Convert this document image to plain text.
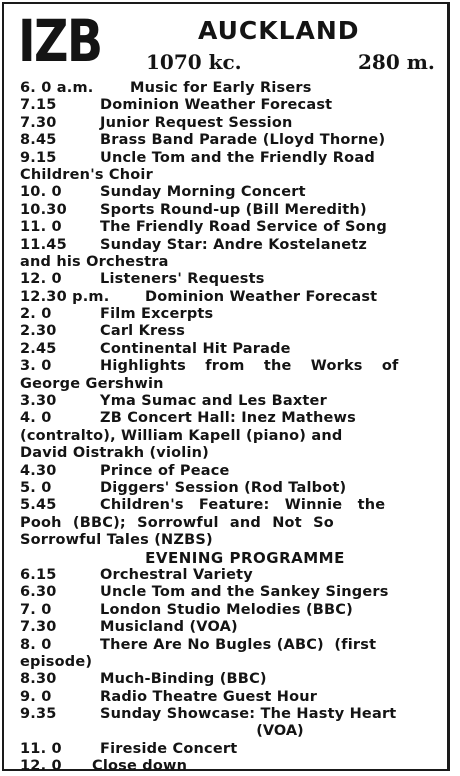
IZB	AUCKLAND
1070 kc.	280 m.
6. 0 a.m.	Music for Early Risers
7.15	Dominion Weather Forecast
7.30	Junior Request Session
8.45	Brass Band Parade (Lloyd Thorne)
9.15	Uncle Tom and the Friendly Road
Children's Choir
10. 0	Sunday Morning Concert
10.30 Sports Round-up (Bill Meredith)
11. 0	The Friendly Road Service of Song
11.45 Sunday Star: Andre Kostelanetz
and his Orchestra
12. 0	Listeners' Requests
12.30 p.m. Dominion Weather Forecast
2. 0	Film Excerpts
2.30	Carl Kress
2.45	Continental Hit Parade
3. 0	Highlights from the Works of
George Gershwin
3.30	Yma Sumac and Les Baxter
4. 0	ZB Concert Hall: Inez Mathews
(contralto), William Kapell (piano) and
David Oistrakh (violin)
4.30	Prince of Peace
5. 0	Diggers' Session (Rod Talbot)
5.45	Children's Feature: Winnie the
Pooh (BBC); Sorrowful and Not So
Sorrowful Tales (NZBS)
EVENING PROGRAMME
6.15	Orchestral Variety
6.30	Uncle Tom and the Sankey Singers
7. 0	London Studio Melodies (BBC)
7.30	Musicland (VOA)
8. 0	There Are No Bugles (ABC)  (first
episode)
8.30	Much-Binding (BBC)
9. 0	Radio Theatre Guest Hour
9.35	Sunday Showcase: The Hasty Heart
(VOA)
11. 0	Fireside Concert
12. 0 Close down
